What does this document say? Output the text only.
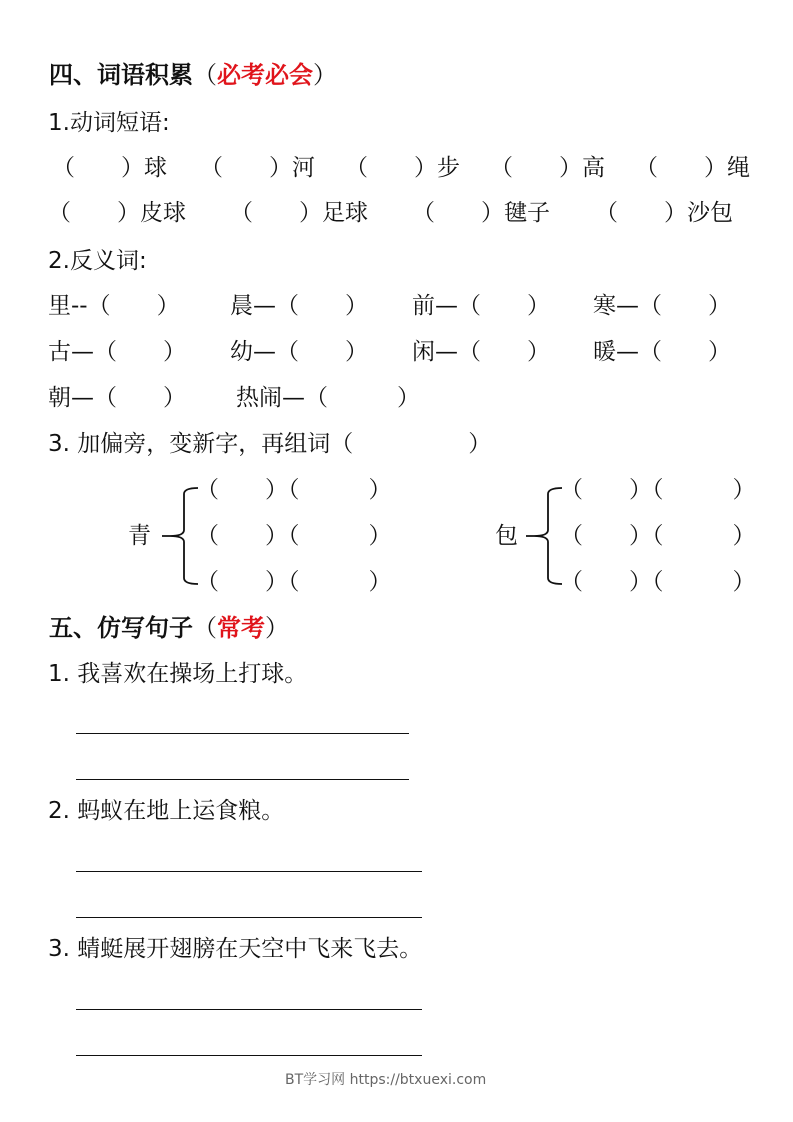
四、词语积累（必考必会）
1.动词短语:
（　　）球 （　　）河 （　　）步 （　　）高 （　　）绳
（　　）皮球 （　　）足球 （　　）毽子 （　　）沙包
2.反义词:
里--（　　） 晨—（　　） 前—（　　） 寒—（　　）
古—（　　） 幼—（　　） 闲—（　　） 暖—（　　）
朝—（　　） 热闹—（　　　）
3. 加偏旁，变新字，再组词（　　　　　）
青
（　　）（　　　）
（　　）（　　　）
（　　）（　　　）
包
（　　）（　　　）
（　　）（　　　）
（　　）（　　　）
五、仿写句子（常考）
1. 我喜欢在操场上打球。
2. 蚂蚁在地上运食粮。
3. 蜻蜓展开翅膀在天空中飞来飞去。
BT学习网 https://btxuexi.com
